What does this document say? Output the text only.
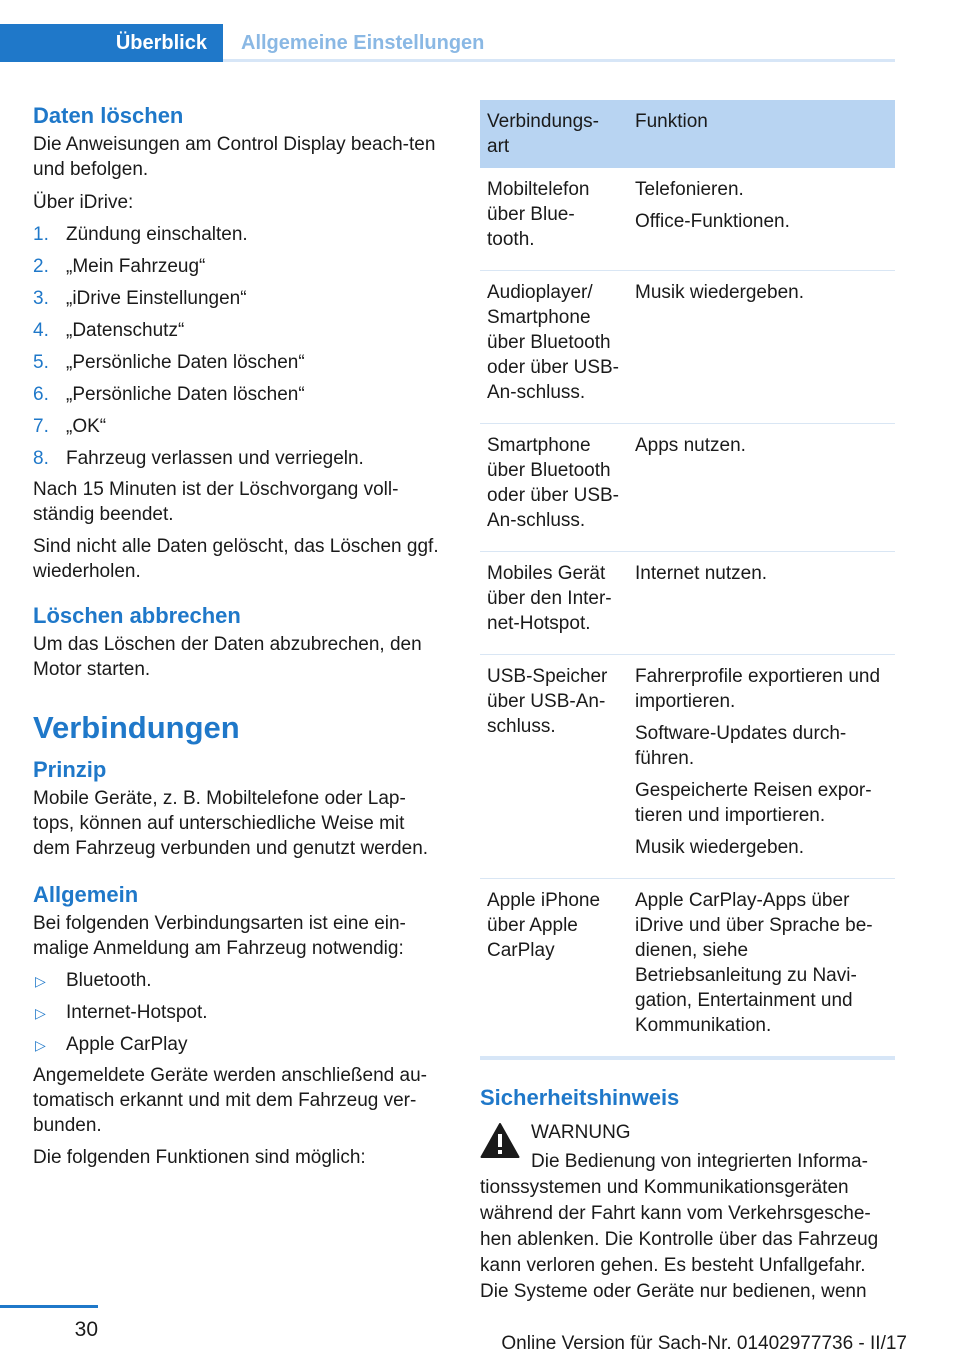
Überblick	Allgemeine Einstellungen
Daten löschen

Die Anweisungen am Control Display beach-ten und befolgen.

Über iDrive:

1. Zündung einschalten.
2. „Mein Fahrzeug“
3. „iDrive Einstellungen“
4. „Datenschutz“
5. „Persönliche Daten löschen“
6. „Persönliche Daten löschen“
7. „OK“
8. Fahrzeug verlassen und verriegeln.

Nach 15 Minuten ist der Löschvorgang voll-ständig beendet.

Sind nicht alle Daten gelöscht, das Löschen ggf. wiederholen.

Löschen abbrechen

Um das Löschen der Daten abzubrechen, den Motor starten.

Verbindungen
Prinzip

Mobile Geräte, z. B. Mobiltelefone oder Lap-tops, können auf unterschiedliche Weise mit dem Fahrzeug verbunden und genutzt werden.

Allgemein

Bei folgenden Verbindungsarten ist eine ein-malige Anmeldung am Fahrzeug notwendig:

▷	Bluetooth.
▷	Internet-Hotspot.
▷	Apple CarPlay

Angemeldete Geräte werden anschließend au-tomatisch erkannt und mit dem Fahrzeug ver-bunden.

Die folgenden Funktionen sind möglich:

Verbindungs-art	Funktion
Mobiltelefon über Blue-tooth.	Telefonieren.
Office-Funktionen.

Audioplayer/ Smartphone über Bluetooth oder über USB-An-schluss.	Musik wiedergeben.

Smartphone über Bluetooth oder über USB-An-schluss.	Apps nutzen.

Mobiles Gerät über den Inter-net-Hotspot.	Internet nutzen.

USB-Speicher über USB-An-schluss.	Fahrerprofile exportieren und importieren.
Software-Updates durch-führen.
Gespeicherte Reisen expor-tieren und importieren.
Musik wiedergeben.

Apple iPhone über Apple CarPlay	Apple CarPlay-Apps über iDrive und über Sprache be-dienen, siehe Betriebsanleitung zu Navi-gation, Entertainment und Kommunikation.
Sicherheitshinweis

WARNUNG

Die Bedienung von integrierten Informa-tionssystemen und Kommunikationsgeräten während der Fahrt kann vom Verkehrsgesche-hen ablenken. Die Kontrolle über das Fahrzeug kann verloren gehen. Es besteht Unfallgefahr. Die Systeme oder Geräte nur bedienen, wenn

30
Online Version für Sach-Nr. 01402977736 - II/17
